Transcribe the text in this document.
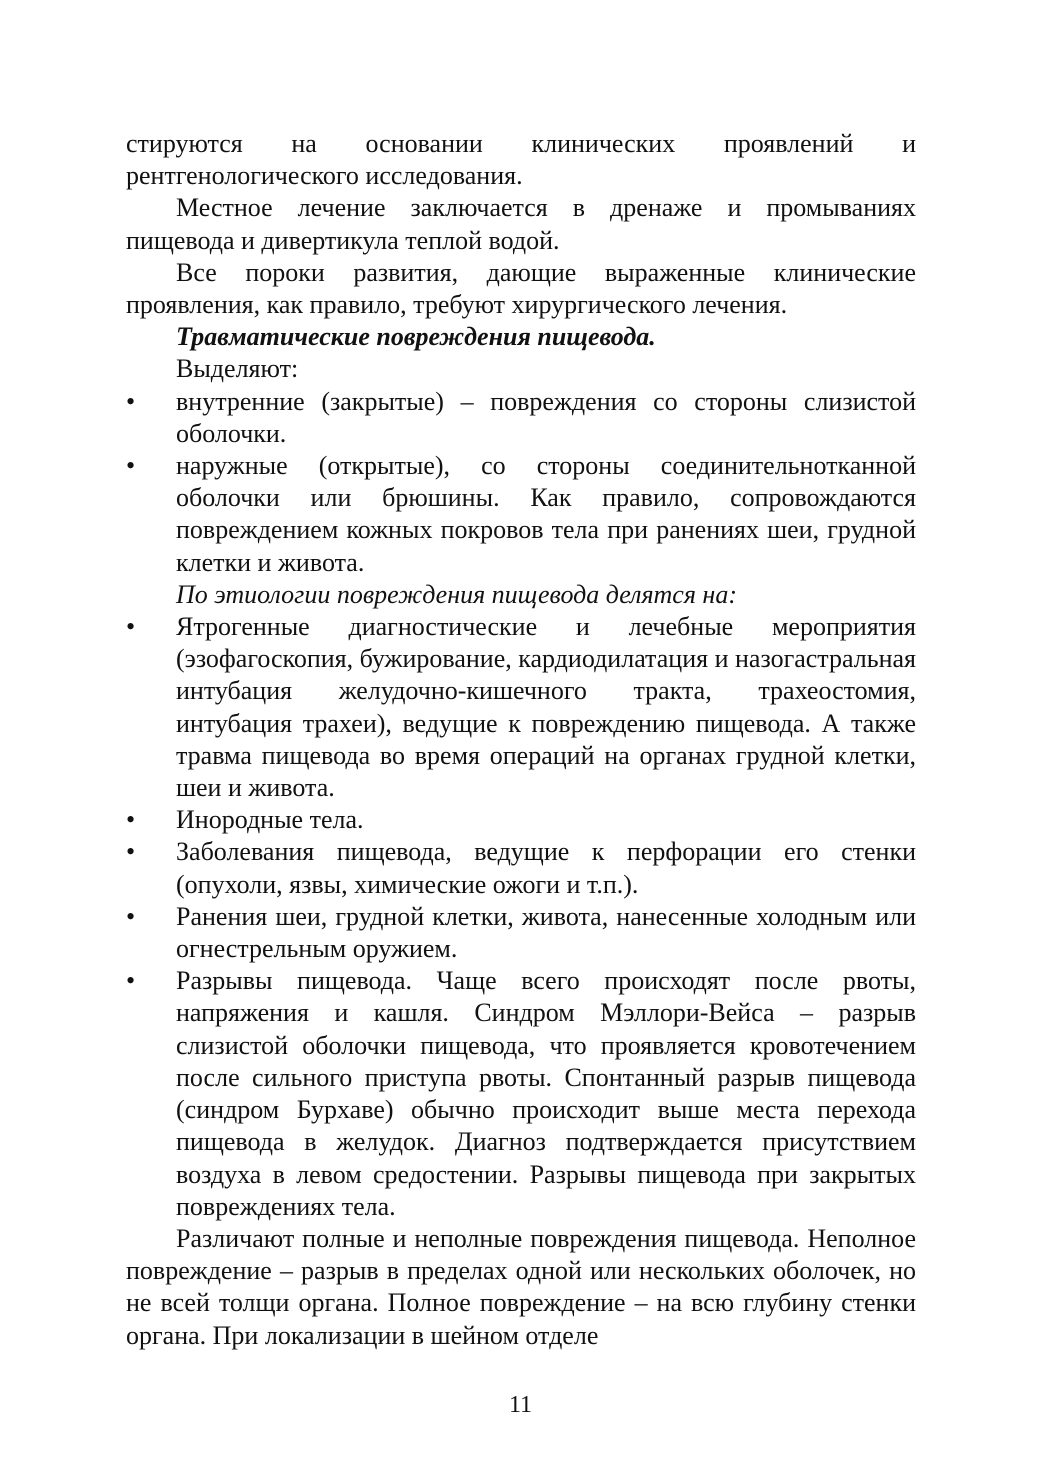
стируются на основании клинических проявлений и рентгенологического исследования.

Местное лечение заключается в дренаже и промываниях пищевода и дивертикула теплой водой.

Все пороки развития, дающие выраженные клинические проявления, как правило, требуют хирургического лечения.

Травматические повреждения пищевода.

Выделяют:

•	внутренние (закрытые) – повреждения со стороны слизистой оболочки.
•	наружные (открытые), со стороны соединительнотканной оболочки или брюшины. Как правило, сопровождаются повреждением кожных покровов тела при ранениях шеи, грудной клетки и живота.

По этиологии повреждения пищевода делятся на:

•	Ятрогенные диагностические и лечебные мероприятия (эзофагоскопия, бужирование, кардиодилатация и назогастральная интубация желудочно-кишечного тракта, трахеостомия, интубация трахеи), ведущие к повреждению пищевода. А также травма пищевода во время операций на органах грудной клетки, шеи и живота.
•	Инородные тела.
•	Заболевания пищевода, ведущие к перфорации его стенки (опухоли, язвы, химические ожоги и т.п.).
•	Ранения шеи, грудной клетки, живота, нанесенные холодным или огнестрельным оружием.
•	Разрывы пищевода. Чаще всего происходят после рвоты, напряжения и кашля. Синдром Мэллори-Вейса – разрыв слизистой оболочки пищевода, что проявляется кровотечением после сильного приступа рвоты. Спонтанный разрыв пищевода (синдром Бурхаве) обычно происходит выше места перехода пищевода в желудок. Диагноз подтверждается присутствием воздуха в левом средостении. Разрывы пищевода при закрытых повреждениях тела.

Различают полные и неполные повреждения пищевода. Неполное повреждение – разрыв в пределах одной или нескольких оболочек, но не всей толщи органа. Полное повреждение – на всю глубину стенки органа. При локализации в шейном отделе

11
